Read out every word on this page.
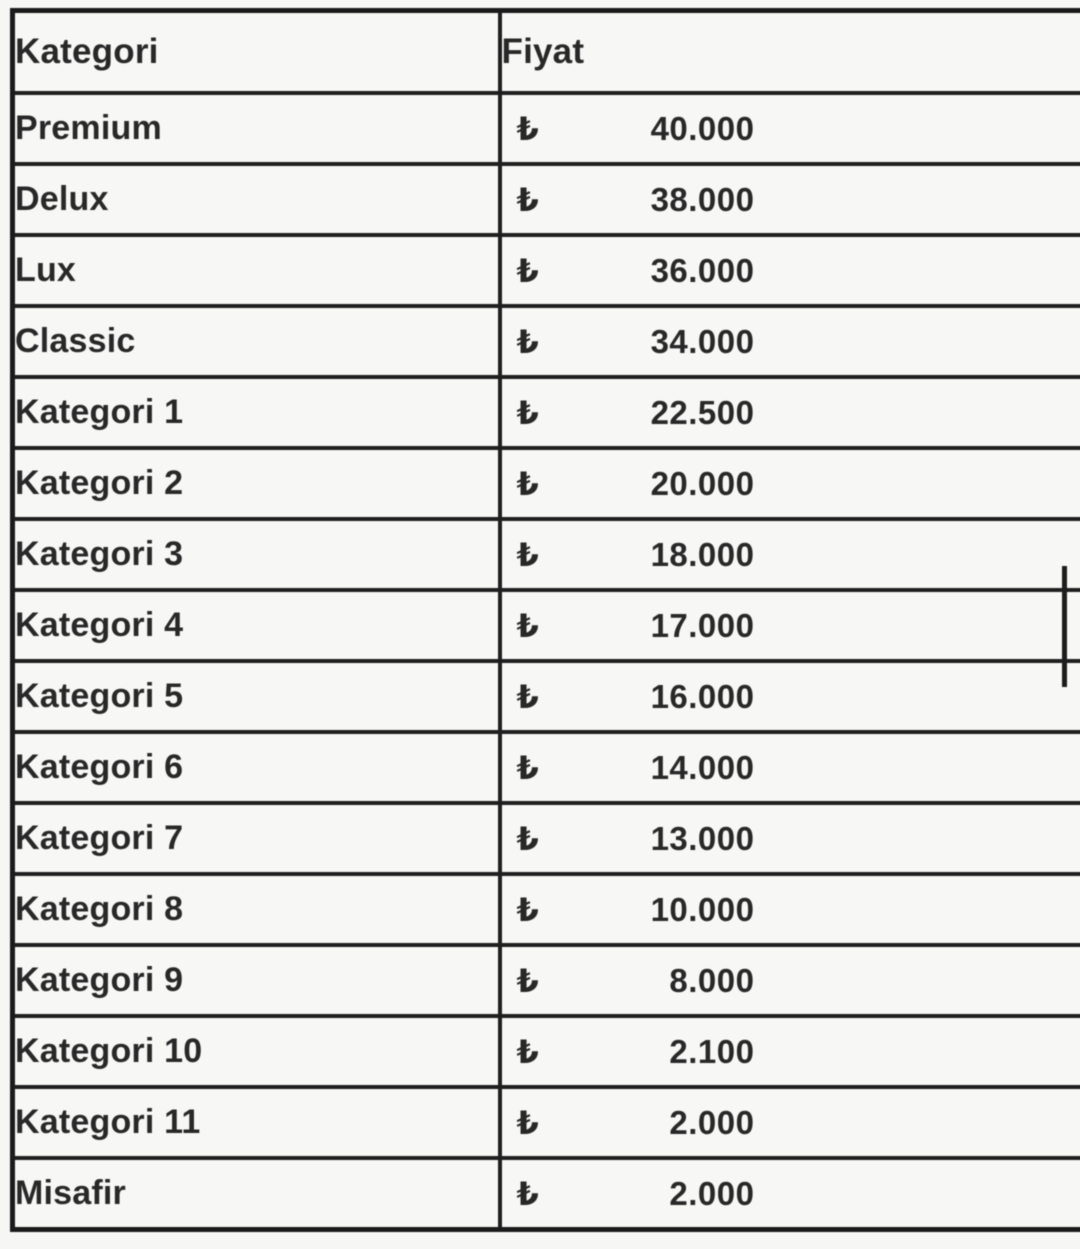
Kategori	Fiyat
Premium	₺ 40.000

Delux	₺ 38.000

Lux	₺ 36.000

Classic	₺ 34.000

Kategori 1	₺ 22.500

Kategori 2	₺ 20.000

Kategori 3	₺ 18.000

Kategori 4	₺ 17.000

Kategori 5	₺ 16.000

Kategori 6	₺ 14.000

Kategori 7	₺ 13.000

Kategori 8	₺ 10.000

Kategori 9	₺ 8.000

Kategori 10	₺ 2.100

Kategori 11	₺ 2.000

Misafir	₺ 2.000
